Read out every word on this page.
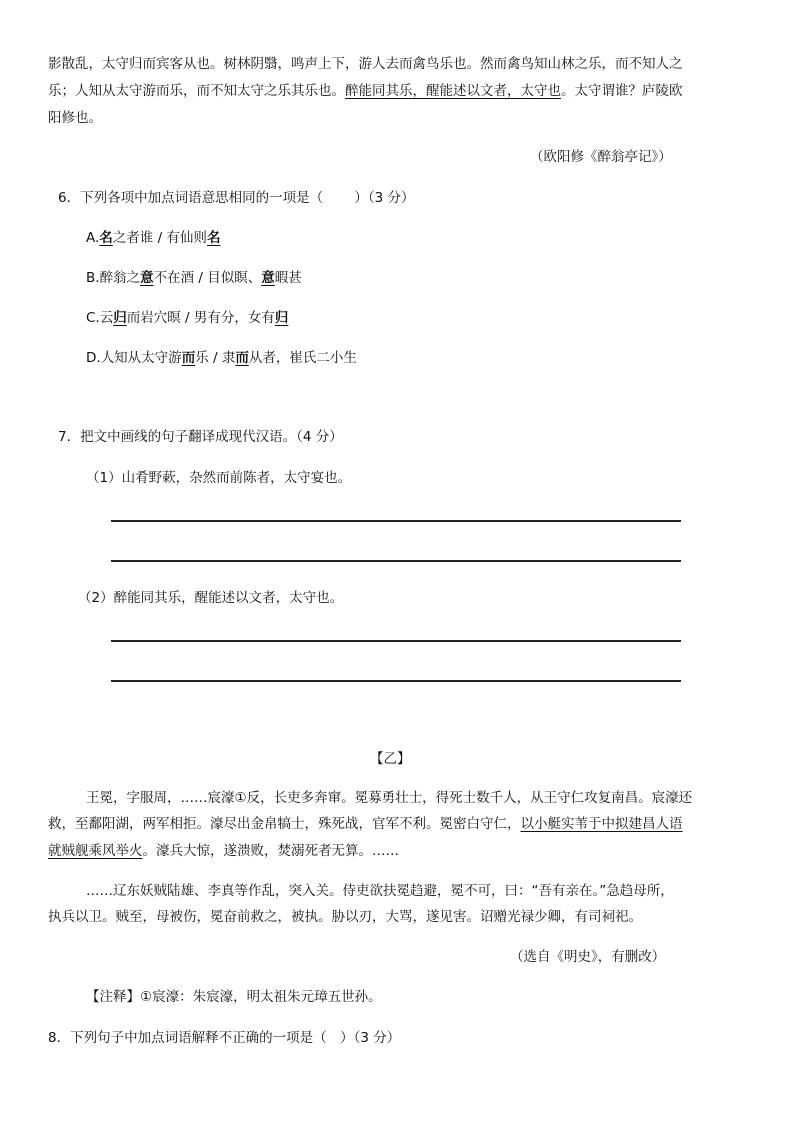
影散乱，太守归而宾客从也。树林阴翳，鸣声上下，游人去而禽鸟乐也。然而禽鸟知山林之乐，而不知人之
乐；人知从太守游而乐，而不知太守之乐其乐也。醉能同其乐，醒能述以文者，太守也。太守谓谁？庐陵欧
阳修也。
（欧阳修《醉翁亭记》）
6．下列各项中加点词语意思相同的一项是（　　 ）（3 分）
A.名之者谁 / 有仙则名
B.醉翁之意不在酒 / 目似瞑、意暇甚
C.云归而岩穴暝 / 男有分，女有归
D.人知从太守游而乐 / 隶而从者，崔氏二小生
7．把文中画线的句子翻译成现代汉语。（4 分）
（1）山肴野蔌，杂然而前陈者，太守宴也。
（2）醉能同其乐，醒能述以文者，太守也。
【乙】
王冕，字服周，……宸濠①反，长吏多奔窜。冕募勇壮士，得死士数千人，从王守仁攻复南昌。宸濠还
救，至鄱阳湖，两军相拒。濠尽出金帛犒士，殊死战，官军不利。冕密白守仁，以小艇实苇于中拟建昌人语
就贼舰乘风举火。濠兵大惊，遂溃败，焚溺死者无算。……
……辽东妖贼陆雄、李真等作乱，突入关。侍吏欲扶冕趋避，冕不可，曰：“吾有亲在。”急趋母所，
执兵以卫。贼至，母被伤，冕奋前救之，被执。胁以刃，大骂，遂见害。诏赠光禄少卿，有司祠祀。
（选自《明史》，有删改）
【注释】①宸濠：朱宸濠，明太祖朱元璋五世孙。
8．下列句子中加点词语解释不正确的一项是（　）（3 分）
